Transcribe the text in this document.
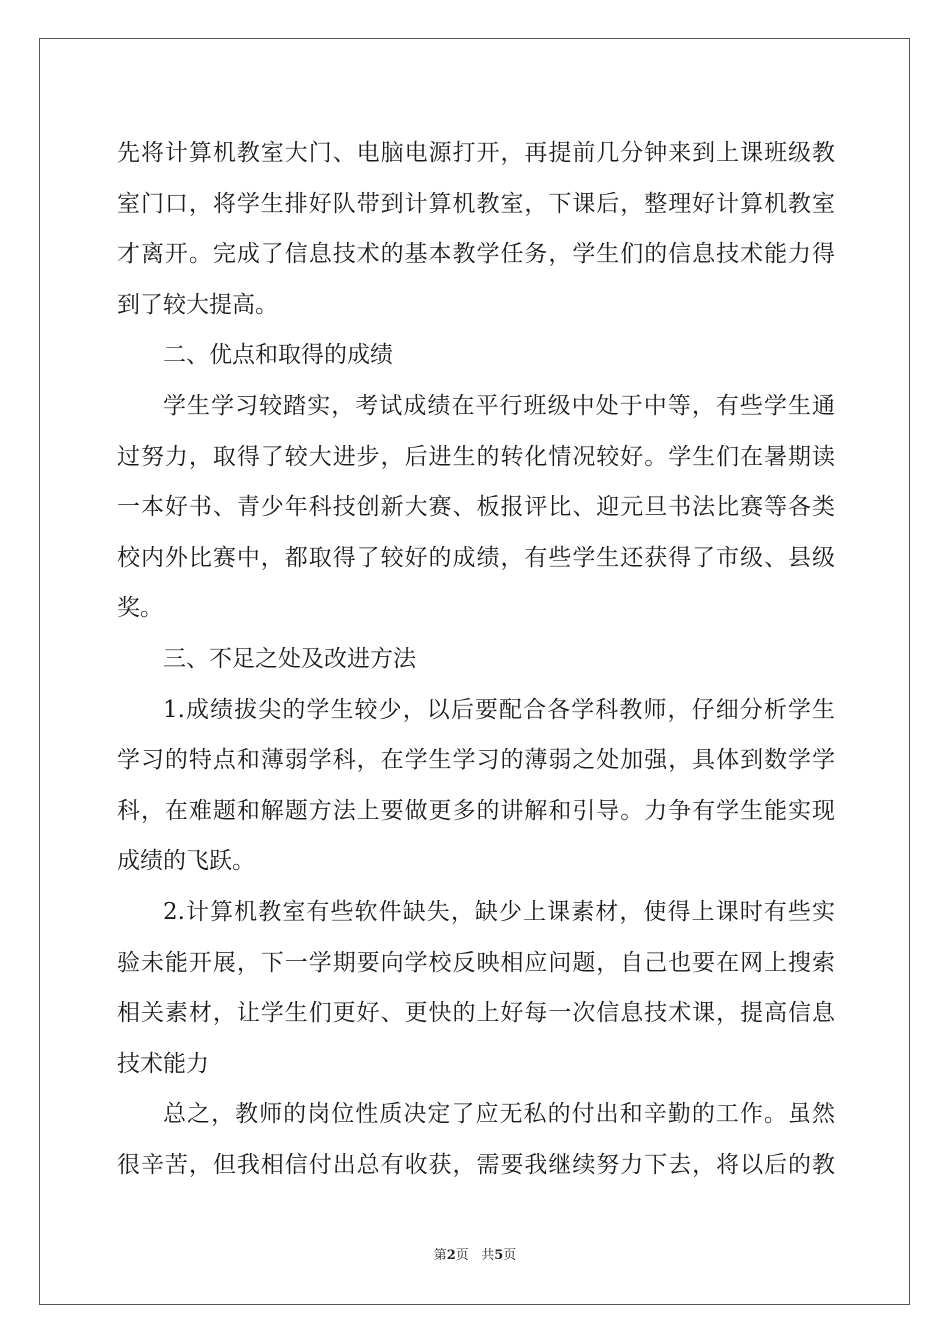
先将计算机教室大门、电脑电源打开，再提前几分钟来到上课班级教
室门口，将学生排好队带到计算机教室，下课后，整理好计算机教室
才离开。完成了信息技术的基本教学任务，学生们的信息技术能力得
到了较大提高。
二、优点和取得的成绩
学生学习较踏实，考试成绩在平行班级中处于中等，有些学生通
过努力，取得了较大进步，后进生的转化情况较好。学生们在暑期读
一本好书、青少年科技创新大赛、板报评比、迎元旦书法比赛等各类
校内外比赛中，都取得了较好的成绩，有些学生还获得了市级、县级
奖。
三、不足之处及改进方法
1.成绩拔尖的学生较少，以后要配合各学科教师，仔细分析学生
学习的特点和薄弱学科，在学生学习的薄弱之处加强，具体到数学学
科，在难题和解题方法上要做更多的讲解和引导。力争有学生能实现
成绩的飞跃。
2.计算机教室有些软件缺失，缺少上课素材，使得上课时有些实
验未能开展，下一学期要向学校反映相应问题，自己也要在网上搜索
相关素材，让学生们更好、更快的上好每一次信息技术课，提高信息
技术能力
总之，教师的岗位性质决定了应无私的付出和辛勤的工作。虽然
很辛苦，但我相信付出总有收获，需要我继续努力下去，将以后的教
第2页   共5页
